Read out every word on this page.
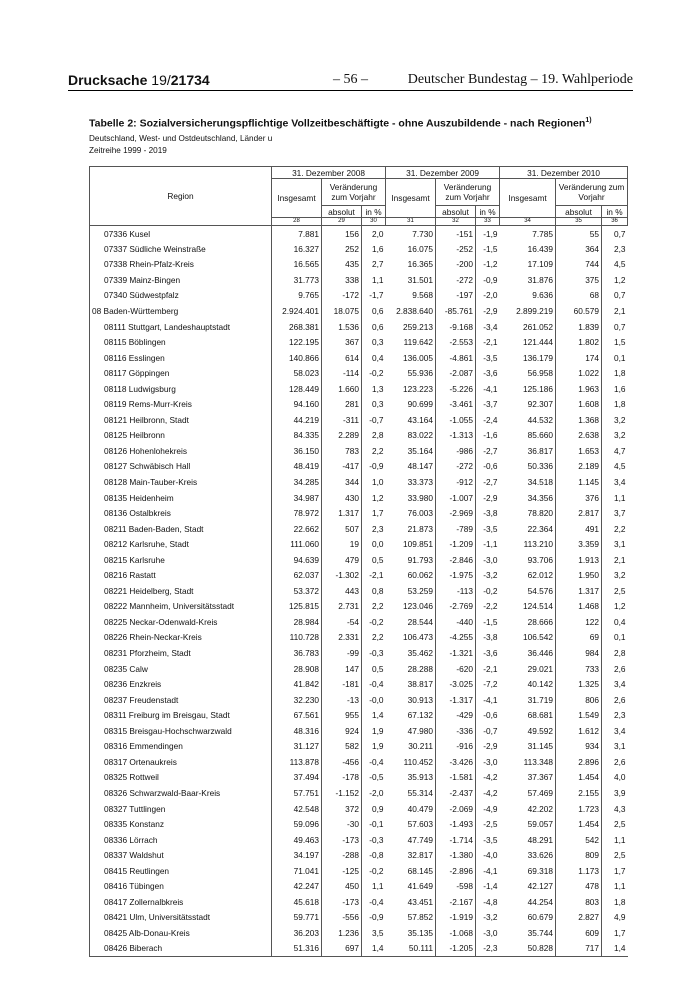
Drucksache 19/21734	– 56 –	Deutscher Bundestag – 19. Wahlperiode
Tabelle 2: Sozialversicherungspflichtige Vollzeitbeschäftigte - ohne Auszubildende - nach Regionen$^{1)}$
Deutschland, West- und Ostdeutschland, Länder u
Zeitreihe 1999 - 2019
Region	31. Dezember 2008			31. Dezember 2009			31. Dezember 2010		
	Insgesamt	Veränderung zum Vorjahr		Insgesamt	Veränderung zum Vorjahr		Insgesamt	Veränderung zum Vorjahr	
		absolut	in %		absolut	in %		absolut	in %
	28	29	30	31	32	33	34	35	36
07336 Kusel	7.881	156	2,0	7.730	-151	-1,9	7.785	55	0,7
07337 Südliche Weinstraße	16.327	252	1,6	16.075	-252	-1,5	16.439	364	2,3
07338 Rhein-Pfalz-Kreis	16.565	435	2,7	16.365	-200	-1,2	17.109	744	4,5
07339 Mainz-Bingen	31.773	338	1,1	31.501	-272	-0,9	31.876	375	1,2
07340 Südwestpfalz	9.765	-172	-1,7	9.568	-197	-2,0	9.636	68	0,7
08 Baden-Württemberg	2.924.401	18.075	0,6	2.838.640	-85.761	-2,9	2.899.219	60.579	2,1
08111 Stuttgart, Landeshauptstadt	268.381	1.536	0,6	259.213	-9.168	-3,4	261.052	1.839	0,7
08115 Böblingen	122.195	367	0,3	119.642	-2.553	-2,1	121.444	1.802	1,5
08116 Esslingen	140.866	614	0,4	136.005	-4.861	-3,5	136.179	174	0,1
08117 Göppingen	58.023	-114	-0,2	55.936	-2.087	-3,6	56.958	1.022	1,8
08118 Ludwigsburg	128.449	1.660	1,3	123.223	-5.226	-4,1	125.186	1.963	1,6
08119 Rems-Murr-Kreis	94.160	281	0,3	90.699	-3.461	-3,7	92.307	1.608	1,8
08121 Heilbronn, Stadt	44.219	-311	-0,7	43.164	-1.055	-2,4	44.532	1.368	3,2
08125 Heilbronn	84.335	2.289	2,8	83.022	-1.313	-1,6	85.660	2.638	3,2
08126 Hohenlohekreis	36.150	783	2,2	35.164	-986	-2,7	36.817	1.653	4,7
08127 Schwäbisch Hall	48.419	-417	-0,9	48.147	-272	-0,6	50.336	2.189	4,5
08128 Main-Tauber-Kreis	34.285	344	1,0	33.373	-912	-2,7	34.518	1.145	3,4
08135 Heidenheim	34.987	430	1,2	33.980	-1.007	-2,9	34.356	376	1,1
08136 Ostalbkreis	78.972	1.317	1,7	76.003	-2.969	-3,8	78.820	2.817	3,7
08211 Baden-Baden, Stadt	22.662	507	2,3	21.873	-789	-3,5	22.364	491	2,2
08212 Karlsruhe, Stadt	111.060	19	0,0	109.851	-1.209	-1,1	113.210	3.359	3,1
08215 Karlsruhe	94.639	479	0,5	91.793	-2.846	-3,0	93.706	1.913	2,1
08216 Rastatt	62.037	-1.302	-2,1	60.062	-1.975	-3,2	62.012	1.950	3,2
08221 Heidelberg, Stadt	53.372	443	0,8	53.259	-113	-0,2	54.576	1.317	2,5
08222 Mannheim, Universitätsstadt	125.815	2.731	2,2	123.046	-2.769	-2,2	124.514	1.468	1,2
08225 Neckar-Odenwald-Kreis	28.984	-54	-0,2	28.544	-440	-1,5	28.666	122	0,4
08226 Rhein-Neckar-Kreis	110.728	2.331	2,2	106.473	-4.255	-3,8	106.542	69	0,1
08231 Pforzheim, Stadt	36.783	-99	-0,3	35.462	-1.321	-3,6	36.446	984	2,8
08235 Calw	28.908	147	0,5	28.288	-620	-2,1	29.021	733	2,6
08236 Enzkreis	41.842	-181	-0,4	38.817	-3.025	-7,2	40.142	1.325	3,4
08237 Freudenstadt	32.230	-13	-0,0	30.913	-1.317	-4,1	31.719	806	2,6
08311 Freiburg im Breisgau, Stadt	67.561	955	1,4	67.132	-429	-0,6	68.681	1.549	2,3
08315 Breisgau-Hochschwarzwald	48.316	924	1,9	47.980	-336	-0,7	49.592	1.612	3,4
08316 Emmendingen	31.127	582	1,9	30.211	-916	-2,9	31.145	934	3,1
08317 Ortenaukreis	113.878	-456	-0,4	110.452	-3.426	-3,0	113.348	2.896	2,6
08325 Rottweil	37.494	-178	-0,5	35.913	-1.581	-4,2	37.367	1.454	4,0
08326 Schwarzwald-Baar-Kreis	57.751	-1.152	-2,0	55.314	-2.437	-4,2	57.469	2.155	3,9
08327 Tuttlingen	42.548	372	0,9	40.479	-2.069	-4,9	42.202	1.723	4,3
08335 Konstanz	59.096	-30	-0,1	57.603	-1.493	-2,5	59.057	1.454	2,5
08336 Lörrach	49.463	-173	-0,3	47.749	-1.714	-3,5	48.291	542	1,1
08337 Waldshut	34.197	-288	-0,8	32.817	-1.380	-4,0	33.626	809	2,5
08415 Reutlingen	71.041	-125	-0,2	68.145	-2.896	-4,1	69.318	1.173	1,7
08416 Tübingen	42.247	450	1,1	41.649	-598	-1,4	42.127	478	1,1
08417 Zollernalbkreis	45.618	-173	-0,4	43.451	-2.167	-4,8	44.254	803	1,8
08421 Ulm, Universitätsstadt	59.771	-556	-0,9	57.852	-1.919	-3,2	60.679	2.827	4,9
08425 Alb-Donau-Kreis	36.203	1.236	3,5	35.135	-1.068	-3,0	35.744	609	1,7
08426 Biberach	51.316	697	1,4	50.111	-1.205	-2,3	50.828	717	1,4
